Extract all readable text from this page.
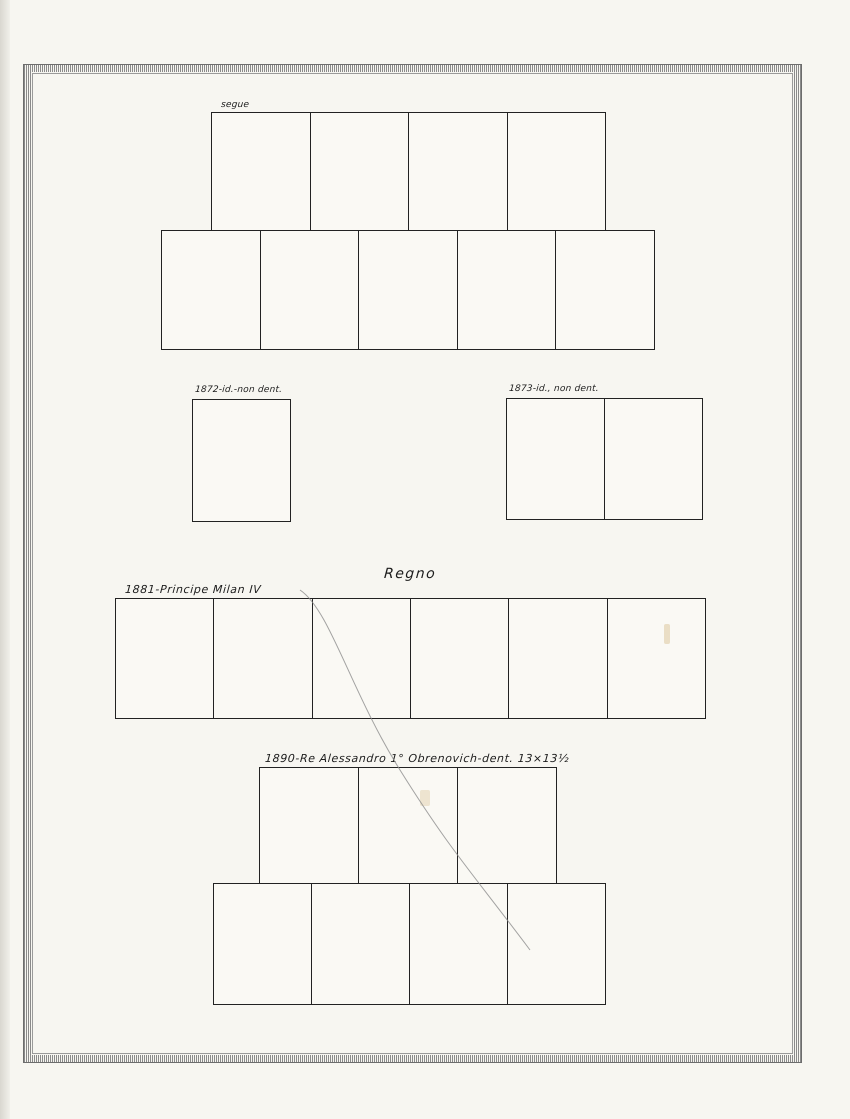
segue
1872-id.-non dent.	1873-id., non dent.
Regno
1881-Principe Milan IV
1890-Re Alessandro 1° Obrenovich-dent. 13×13½
